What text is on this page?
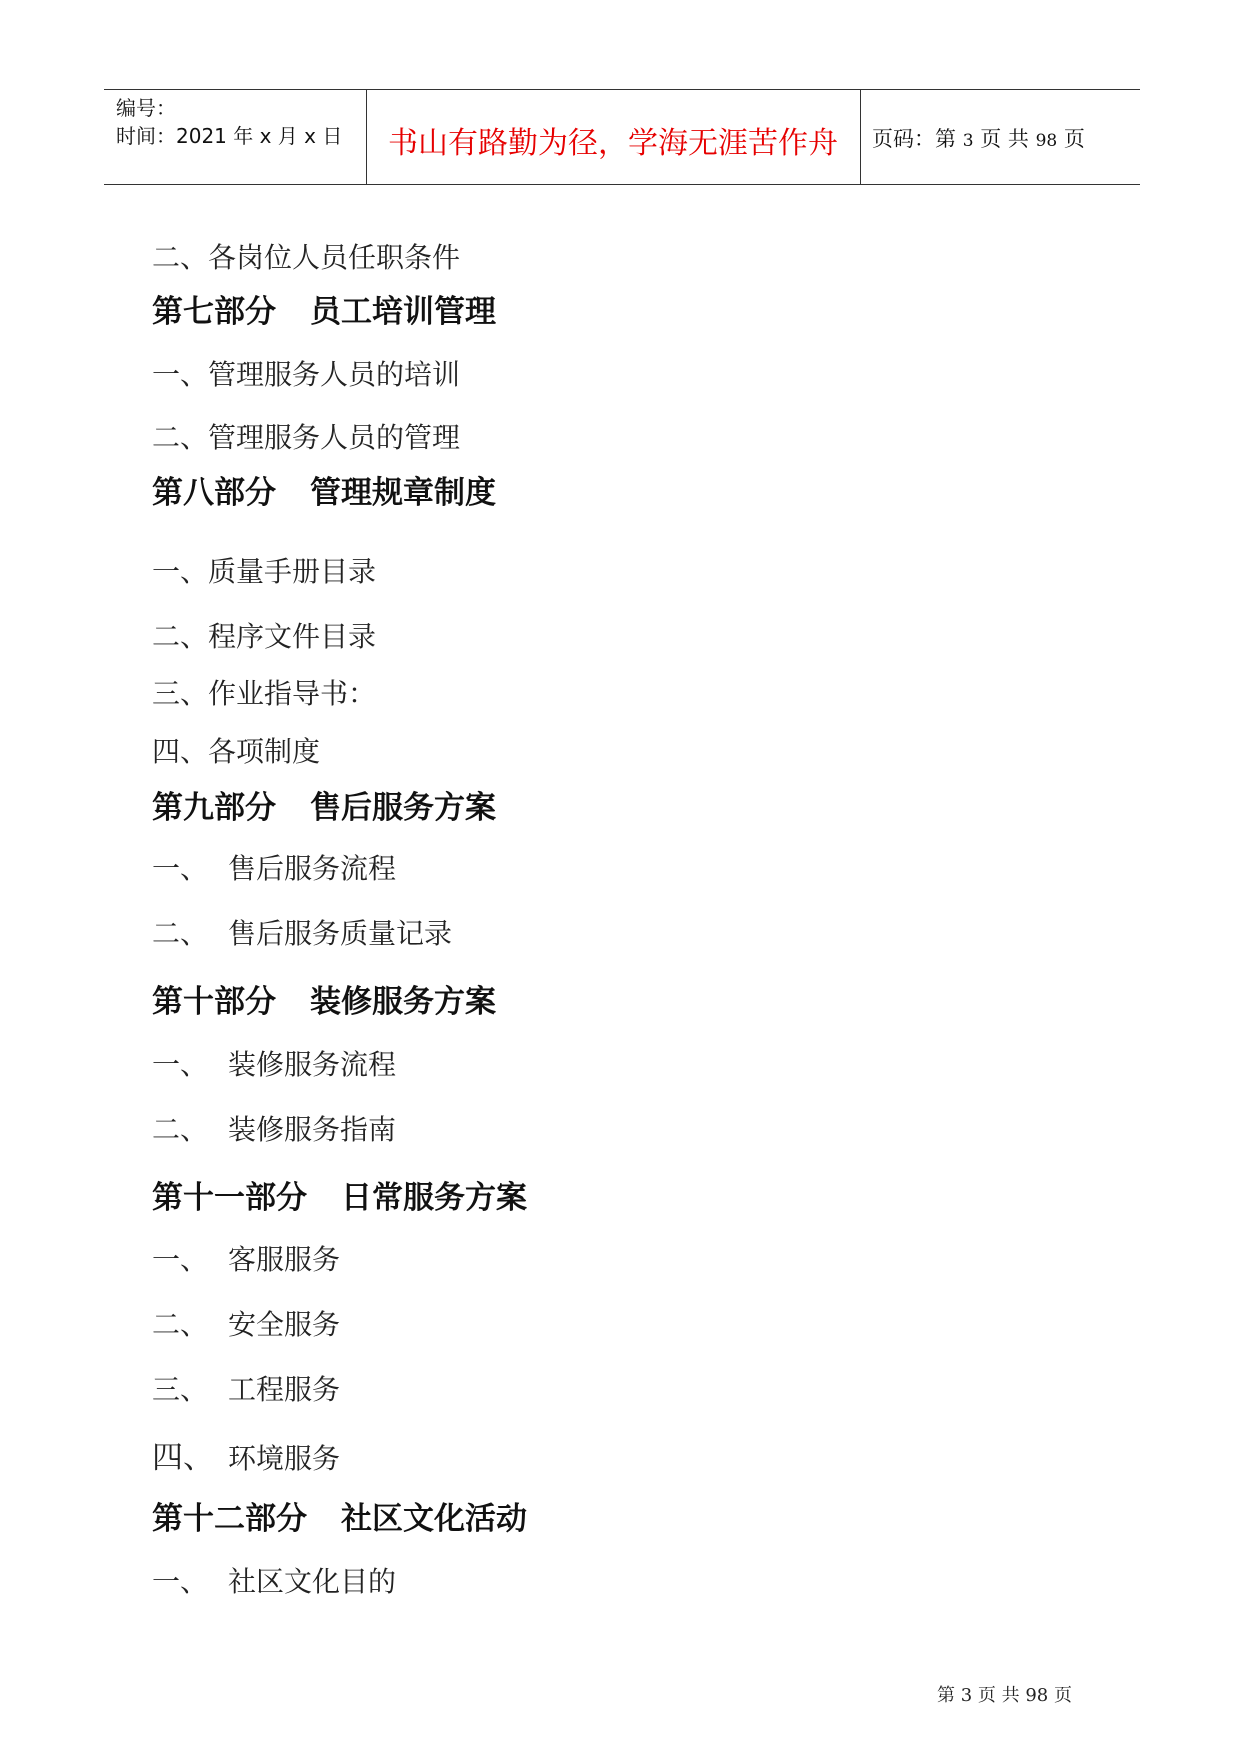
编号：
时间：2021 年 x 月 x 日	书山有路勤为径，学海无涯苦作舟	页码：第 3 页 共 98 页
二、各岗位人员任职条件
第七部分 员工培训管理
一、管理服务人员的培训
二、管理服务人员的管理
第八部分 管理规章制度
一、质量手册目录
二、程序文件目录
三、作业指导书：
四、各项制度
第九部分 售后服务方案
一、 售后服务流程
二、 售后服务质量记录
第十部分 装修服务方案
一、 装修服务流程
二、 装修服务指南
第十一部分 日常服务方案
一、 客服服务
二、 安全服务
三、 工程服务
四、 环境服务
第十二部分 社区文化活动
一、 社区文化目的
第 3 页 共 98 页
